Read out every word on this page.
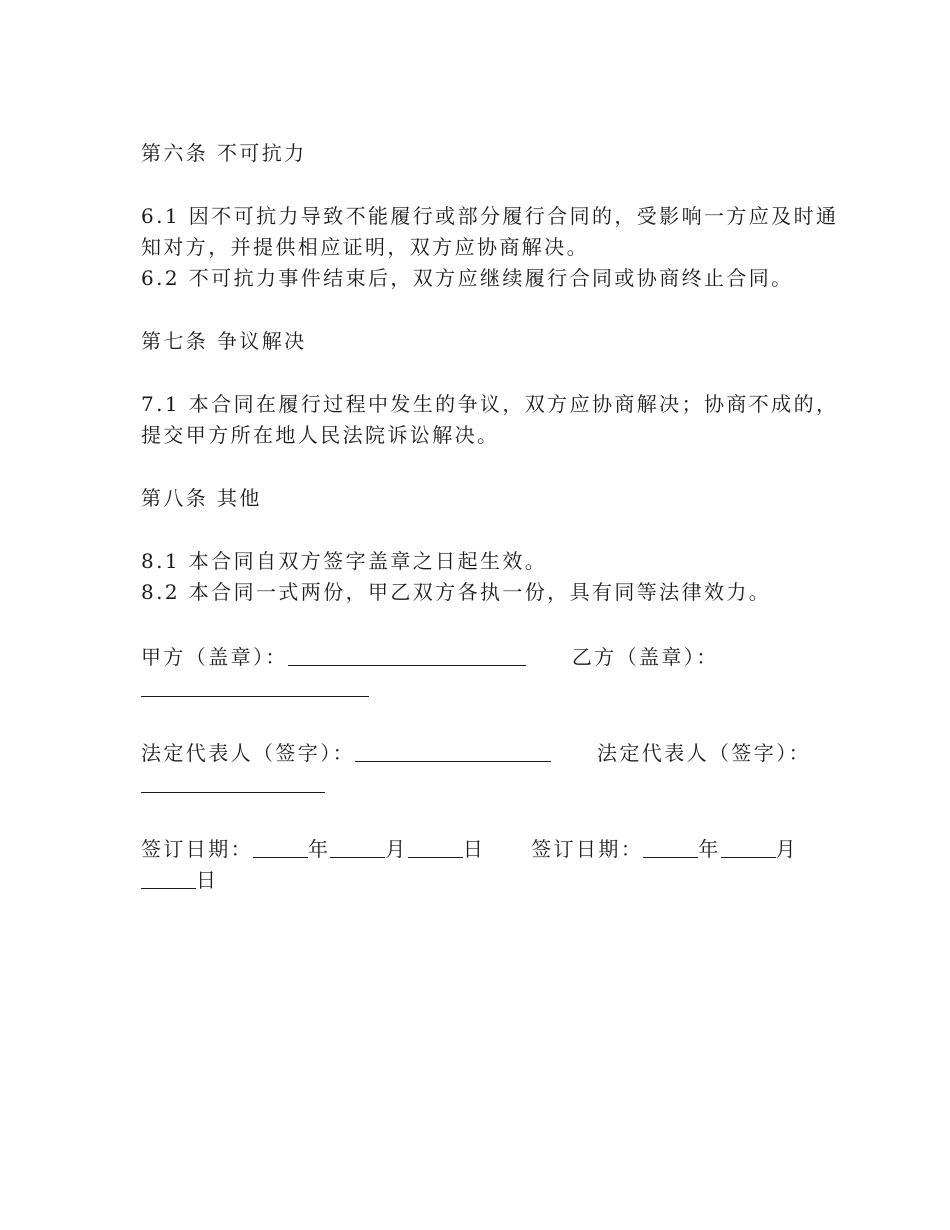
第六条 不可抗力

6.1 因不可抗力导致不能履行或部分履行合同的，受影响一方应及时通知对方，并提供相应证明，双方应协商解决。

6.2 不可抗力事件结束后，双方应继续履行合同或协商终止合同。

第七条 争议解决

7.1 本合同在履行过程中发生的争议，双方应协商解决；协商不成的，提交甲方所在地人民法院诉讼解决。

第八条 其他

8.1 本合同自双方签字盖章之日起生效。

8.2 本合同一式两份，甲乙双方各执一份，具有同等法律效力。

甲方（盖章）：	乙方（盖章）：

法定代表人（签字）：	法定代表人（签字）：

签订日期：	年	月	日 签订日期：	年	月

日
